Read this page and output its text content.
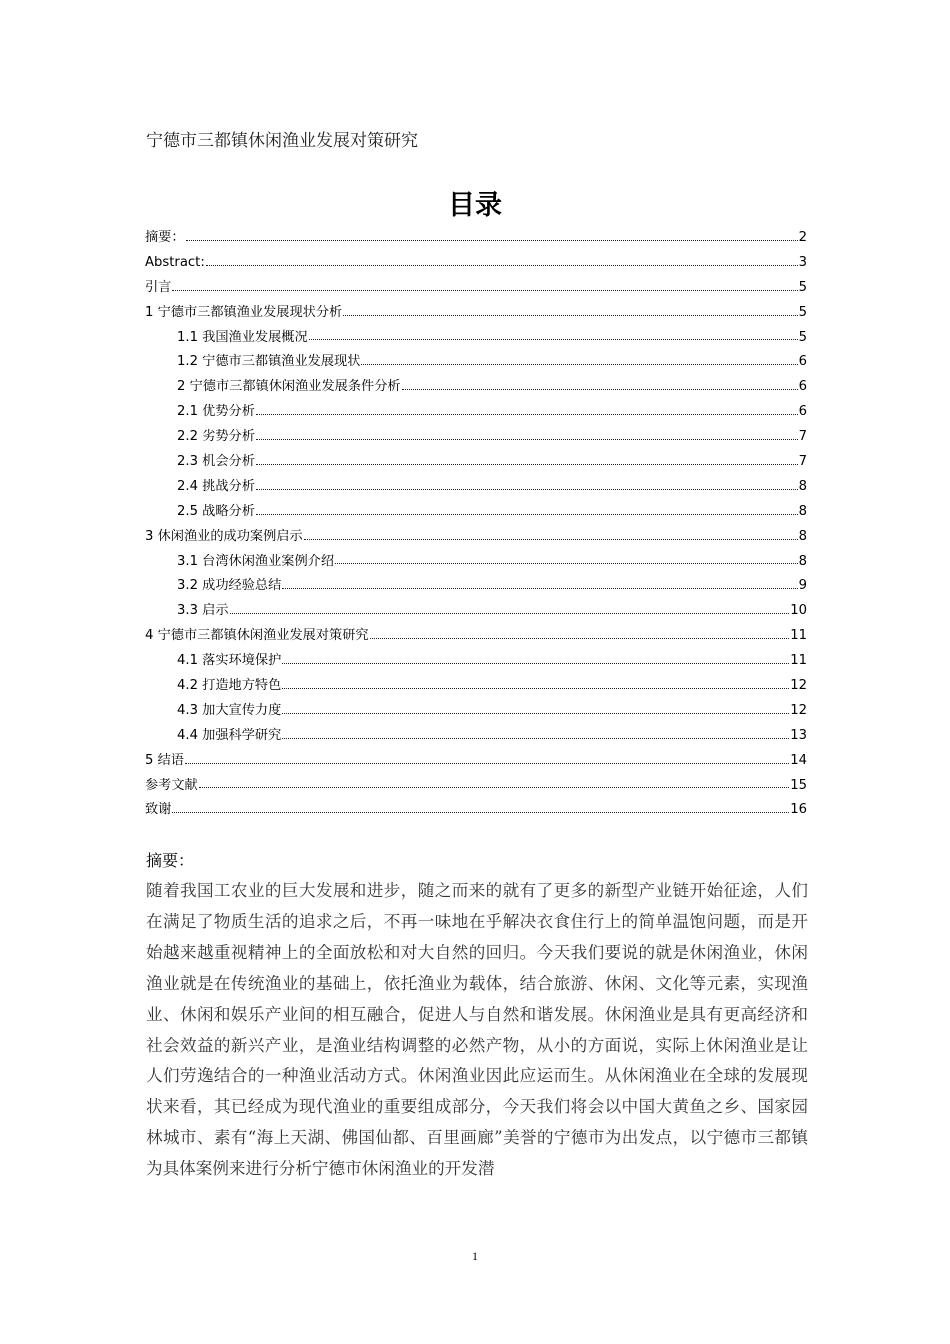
宁德市三都镇休闲渔业发展对策研究
目录
摘要：	2
Abstract:	3
引言	5
1 宁德市三都镇渔业发展现状分析	5
1.1 我国渔业发展概况	5
1.2 宁德市三都镇渔业发展现状	6
2 宁德市三都镇休闲渔业发展条件分析	6
2.1 优势分析	6
2.2 劣势分析	7
2.3 机会分析	7
2.4 挑战分析	8
2.5 战略分析	8
3 休闲渔业的成功案例启示	8
3.1 台湾休闲渔业案例介绍	8
3.2 成功经验总结	9
3.3 启示	10
4 宁德市三都镇休闲渔业发展对策研究	11
4.1 落实环境保护	11
4.2 打造地方特色	12
4.3 加大宣传力度	12
4.4 加强科学研究	13
5 结语	14
参考文献	15
致谢	16
摘要：
随着我国工农业的巨大发展和进步，随之而来的就有了更多的新型产业链开始征途，人们在满足了物质生活的追求之后，不再一味地在乎解决衣食住行上的简单温饱问题，而是开始越来越重视精神上的全面放松和对大自然的回归。今天我们要说的就是休闲渔业，休闲渔业就是在传统渔业的基础上，依托渔业为载体，结合旅游、休闲、文化等元素，实现渔业、休闲和娱乐产业间的相互融合，促进人与自然和谐发展。休闲渔业是具有更高经济和社会效益的新兴产业，是渔业结构调整的必然产物，从小的方面说，实际上休闲渔业是让人们劳逸结合的一种渔业活动方式。休闲渔业因此应运而生。从休闲渔业在全球的发展现状来看，其已经成为现代渔业的重要组成部分，今天我们将会以中国大黄鱼之乡、国家园林城市、素有“海上天湖、佛国仙都、百里画廊”美誉的宁德市为出发点，以宁德市三都镇为具体案例来进行分析宁德市休闲渔业的开发潜
1
